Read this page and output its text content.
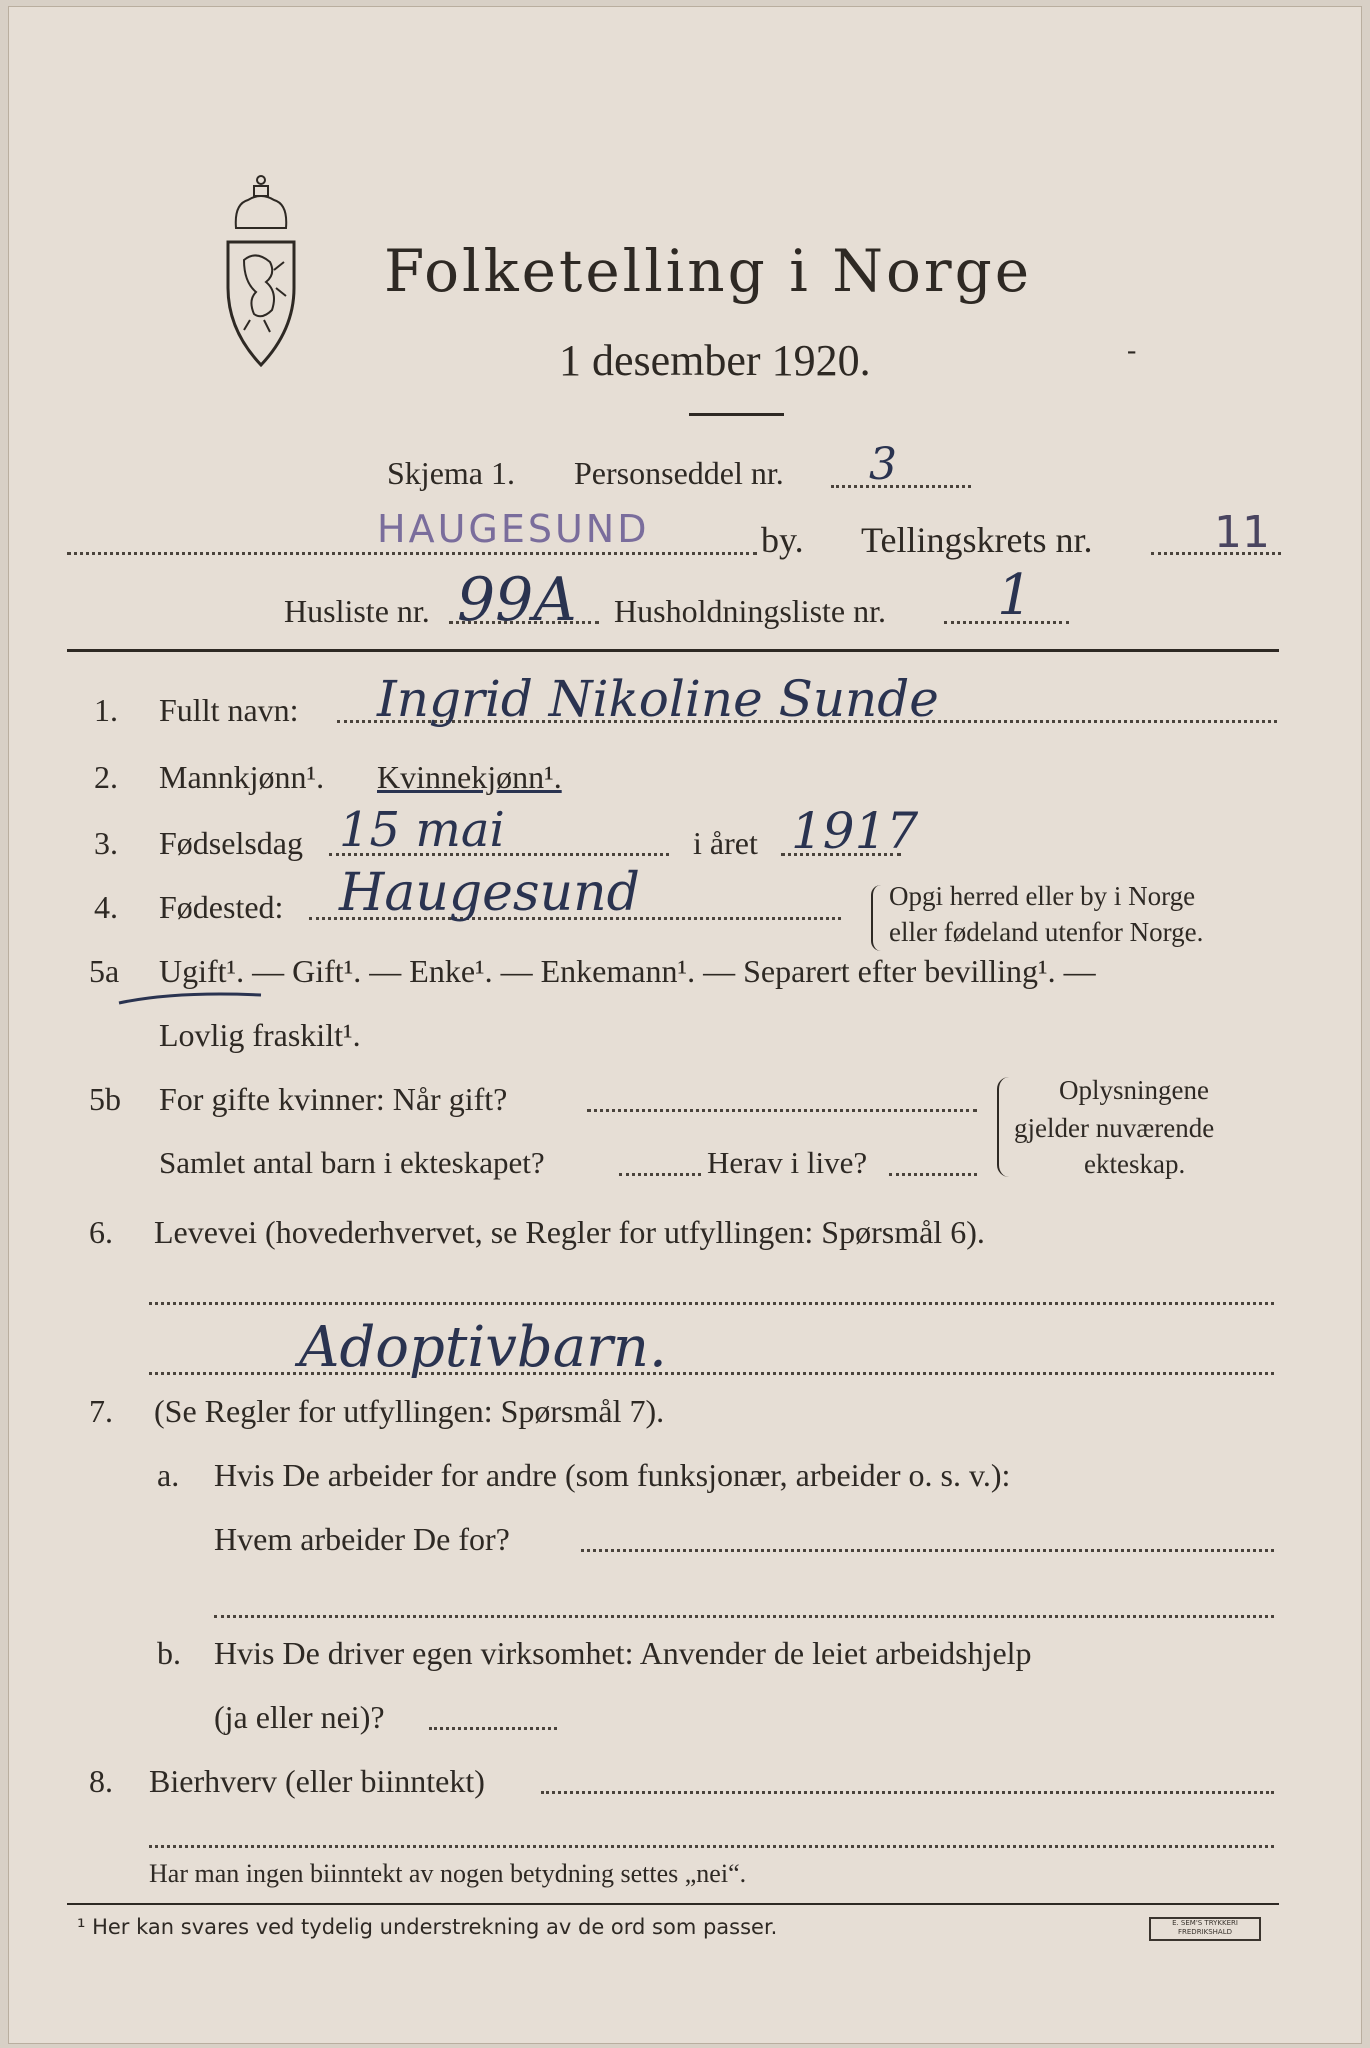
Folketelling i Norge
1 desember 1920.	-
Skjema 1. Personseddel nr. 3
HAUGESUND	by. Tellingskrets nr.	11
Husliste nr. 99A Husholdningsliste nr. 1
1. Fullt navn: Ingrid Nikoline Sunde
2. Mannkjønn¹. Kvinnekjønn¹.
3. Fødselsdag 15 mai	i året 1917
4. Fødested: Haugesund	Opgi herred eller by i Norge
eller fødeland utenfor Norge.
5a Ugift¹. — Gift¹. — Enke¹. — Enkemann¹. — Separert efter bevilling¹. —
Lovlig fraskilt¹.
5b For gifte kvinner: Når gift?
Samlet antal barn i ekteskapet?	Herav i live?
Oplysningene
gjelder nuværende
ekteskap.
6. Levevei (hovederhvervet, se Regler for utfyllingen: Spørsmål 6).
Adoptivbarn.
7. (Se Regler for utfyllingen: Spørsmål 7).
a. Hvis De arbeider for andre (som funksjonær, arbeider o. s. v.):
Hvem arbeider De for?
b. Hvis De driver egen virksomhet: Anvender de leiet arbeidshjelp
(ja eller nei)?
8. Bierhverv (eller biinntekt)
Har man ingen biinntekt av nogen betydning settes „nei“.
¹ Her kan svares ved tydelig understrekning av de ord som passer.	E. SEM'S TRYKKERI
FREDRIKSHALD
